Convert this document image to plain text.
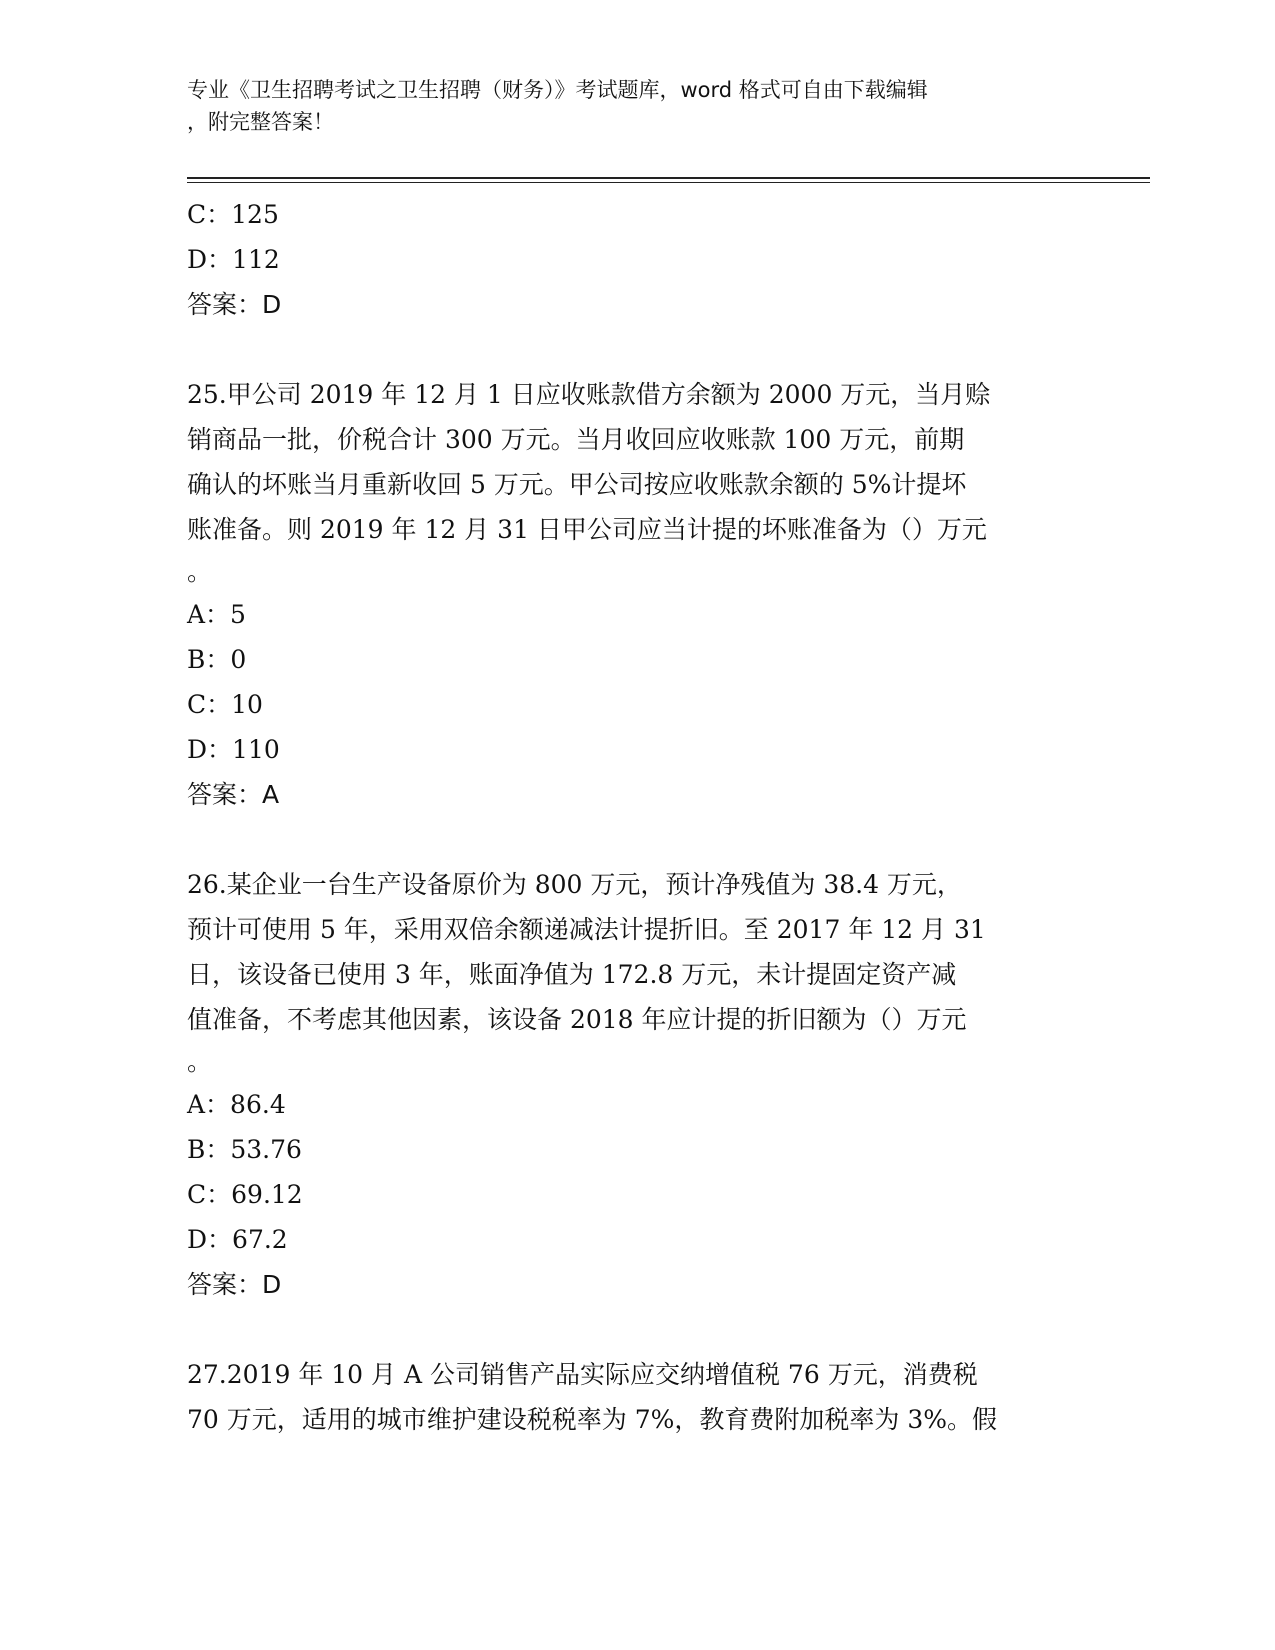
专业《卫生招聘考试之卫生招聘（财务）》考试题库，word 格式可自由下载编辑
，附完整答案！
C：125
D：112
答案：D
25.甲公司 2019 年 12 月 1 日应收账款借方余额为 2000 万元，当月赊
销商品一批，价税合计 300 万元。当月收回应收账款 100 万元，前期
确认的坏账当月重新收回 5 万元。甲公司按应收账款余额的 5%计提坏
账准备。则 2019 年 12 月 31 日甲公司应当计提的坏账准备为（）万元
。
A：5
B：0
C：10
D：110
答案：A
26.某企业一台生产设备原价为 800 万元，预计净残值为 38.4 万元，
预计可使用 5 年，采用双倍余额递减法计提折旧。至 2017 年 12 月 31
日，该设备已使用 3 年，账面净值为 172.8 万元，未计提固定资产减
值准备，不考虑其他因素，该设备 2018 年应计提的折旧额为（）万元
。
A：86.4
B：53.76
C：69.12
D：67.2
答案：D
27.2019 年 10 月 A 公司销售产品实际应交纳增值税 76 万元，消费税
70 万元，适用的城市维护建设税税率为 7%，教育费附加税率为 3%。假
